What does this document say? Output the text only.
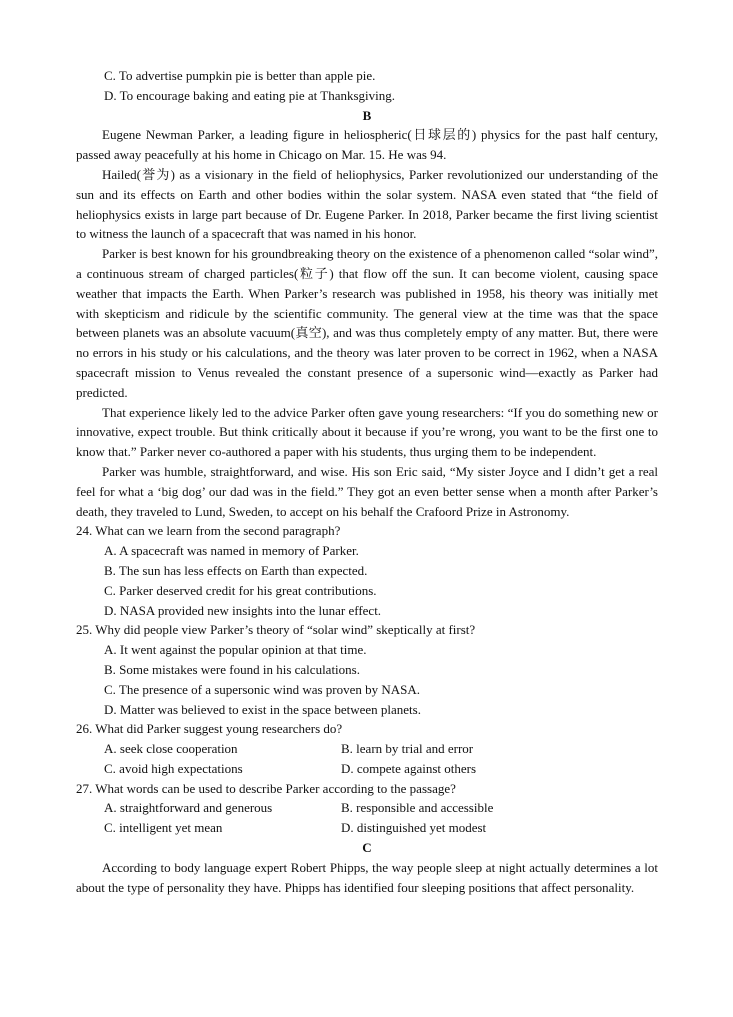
C. To advertise pumpkin pie is better than apple pie.
D. To encourage baking and eating pie at Thanksgiving.
B

Eugene Newman Parker, a leading figure in heliospheric(日球层的) physics for the past half century, passed away peacefully at his home in Chicago on Mar. 15. He was 94.

Hailed(誉为) as a visionary in the field of heliophysics, Parker revolutionized our understanding of the sun and its effects on Earth and other bodies within the solar system. NASA even stated that “the field of heliophysics exists in large part because of Dr. Eugene Parker. In 2018, Parker became the first living scientist to witness the launch of a spacecraft that was named in his honor.

Parker is best known for his groundbreaking theory on the existence of a phenomenon called “solar wind”, a continuous stream of charged particles(粒子) that flow off the sun. It can become violent, causing space weather that impacts the Earth. When Parker’s research was published in 1958, his theory was initially met with skepticism and ridicule by the scientific community. The general view at the time was that the space between planets was an absolute vacuum(真空), and was thus completely empty of any matter. But, there were no errors in his study or his calculations, and the theory was later proven to be correct in 1962, when a NASA spacecraft mission to Venus revealed the constant presence of a supersonic wind—exactly as Parker had predicted.

That experience likely led to the advice Parker often gave young researchers: “If you do something new or innovative, expect trouble. But think critically about it because if you’re wrong, you want to be the first one to know that.” Parker never co-authored a paper with his students, thus urging them to be independent.

Parker was humble, straightforward, and wise. His son Eric said, “My sister Joyce and I didn’t get a real feel for what a ‘big dog’ our dad was in the field.” They got an even better sense when a month after Parker’s death, they traveled to Lund, Sweden, to accept on his behalf the Crafoord Prize in Astronomy.

24. What can we learn from the second paragraph?
A. A spacecraft was named in memory of Parker.
B. The sun has less effects on Earth than expected.
C. Parker deserved credit for his great contributions.
D. NASA provided new insights into the lunar effect.
25. Why did people view Parker’s theory of “solar wind” skeptically at first?
A. It went against the popular opinion at that time.
B. Some mistakes were found in his calculations.
C. The presence of a supersonic wind was proven by NASA.
D. Matter was believed to exist in the space between planets.
26. What did Parker suggest young researchers do?
A. seek close cooperation	B. learn by trial and error
C. avoid high expectations	D. compete against others
27. What words can be used to describe Parker according to the passage?
A. straightforward and generous	B. responsible and accessible
C. intelligent yet mean	D. distinguished yet modest
C

According to body language expert Robert Phipps, the way people sleep at night actually determines a lot about the type of personality they have. Phipps has identified four sleeping positions that affect personality.
